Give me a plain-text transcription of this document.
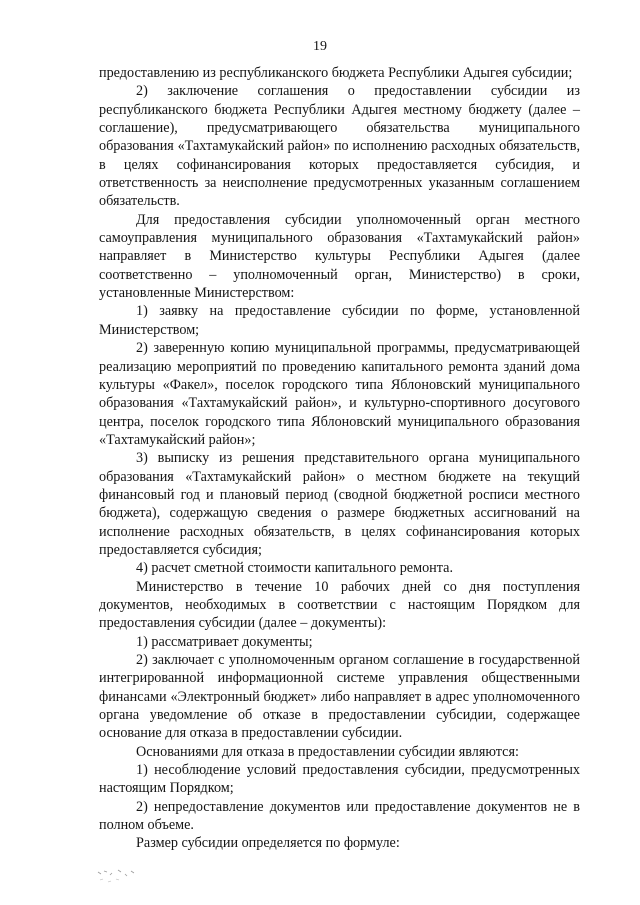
19

предоставлению из республиканского бюджета Республики Адыгея субсидии;

2) заключение соглашения о предоставлении субсидии из республиканского бюджета Республики Адыгея местному бюджету (далее – соглашение), предусматривающего обязательства муниципального образования «Тахтамукайский район» по исполнению расходных обязательств, в целях софинансирования которых предоставляется субсидия, и ответственность за неисполнение предусмотренных указанным соглашением обязательств.

Для предоставления субсидии уполномоченный орган местного самоуправления муниципального образования «Тахтамукайский район» направляет в Министерство культуры Республики Адыгея (далее соответственно – уполномоченный орган, Министерство) в сроки, установленные Министерством:

1) заявку на предоставление субсидии по форме, установленной Министерством;

2) заверенную копию муниципальной программы, предусматривающей реализацию мероприятий по проведению капитального ремонта зданий дома культуры «Факел», поселок городского типа Яблоновский муниципального образования «Тахтамукайский район», и культурно-спортивного досугового центра, поселок городского типа Яблоновский муниципального образования «Тахтамукайский район»;

3) выписку из решения представительного органа муниципального образования «Тахтамукайский район» о местном бюджете на текущий финансовый год и плановый период (сводной бюджетной росписи местного бюджета), содержащую сведения о размере бюджетных ассигнований на исполнение расходных обязательств, в целях софинансирования которых предоставляется субсидия;

4) расчет сметной стоимости капитального ремонта.

Министерство в течение 10 рабочих дней со дня поступления документов, необходимых в соответствии с настоящим Порядком для предоставления субсидии (далее – документы):

1) рассматривает документы;

2) заключает с уполномоченным органом соглашение в государственной интегрированной информационной системе управления общественными финансами «Электронный бюджет» либо направляет в адрес уполномоченного органа уведомление об отказе в предоставлении субсидии, содержащее основание для отказа в предоставлении субсидии.

Основаниями для отказа в предоставлении субсидии являются:

1) несоблюдение условий предоставления субсидии, предусмотренных настоящим Порядком;

2) непредоставление документов или предоставление документов не в полном объеме.

Размер субсидии определяется по формуле:
